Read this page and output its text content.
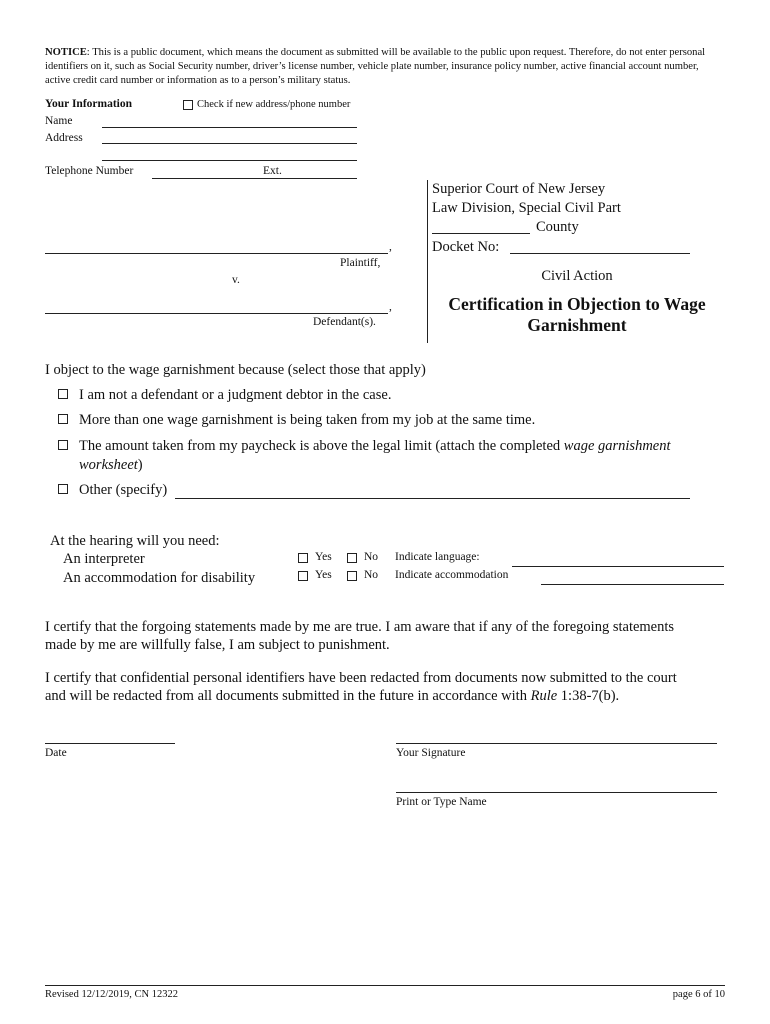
NOTICE: This is a public document, which means the document as submitted will be available to the public upon request. Therefore, do not enter personal identifiers on it, such as Social Security number, driver’s license number, vehicle plate number, insurance policy number, active financial account number, active credit card number or information as to a person’s military status.
Your Information	Check if new address/phone number
Name
Address
Telephone Number	Ext.
Superior Court of New Jersey
Law Division, Special Civil Part
County
Docket No:
Civil Action
Certification in Objection to Wage
Garnishment
,
Plaintiff,
v.
,
Defendant(s).
I object to the wage garnishment because (select those that apply)
I am not a defendant or a judgment debtor in the case.
More than one wage garnishment is being taken from my job at the same time.
The amount taken from my paycheck is above the legal limit (attach the completed wage garnishment
worksheet)
Other (specify)
At the hearing will you need:
An interpreter	Yes	No Indicate language:
An accommodation for disability	Yes	No Indicate accommodation
I certify that the forgoing statements made by me are true. I am aware that if any of the foregoing statements
made by me are willfully false, I am subject to punishment.
I certify that confidential personal identifiers have been redacted from documents now submitted to the court
and will be redacted from all documents submitted in the future in accordance with Rule 1:38-7(b).
Date	Your Signature
Print or Type Name
Revised 12/12/2019, CN 12322	page 6 of 10
